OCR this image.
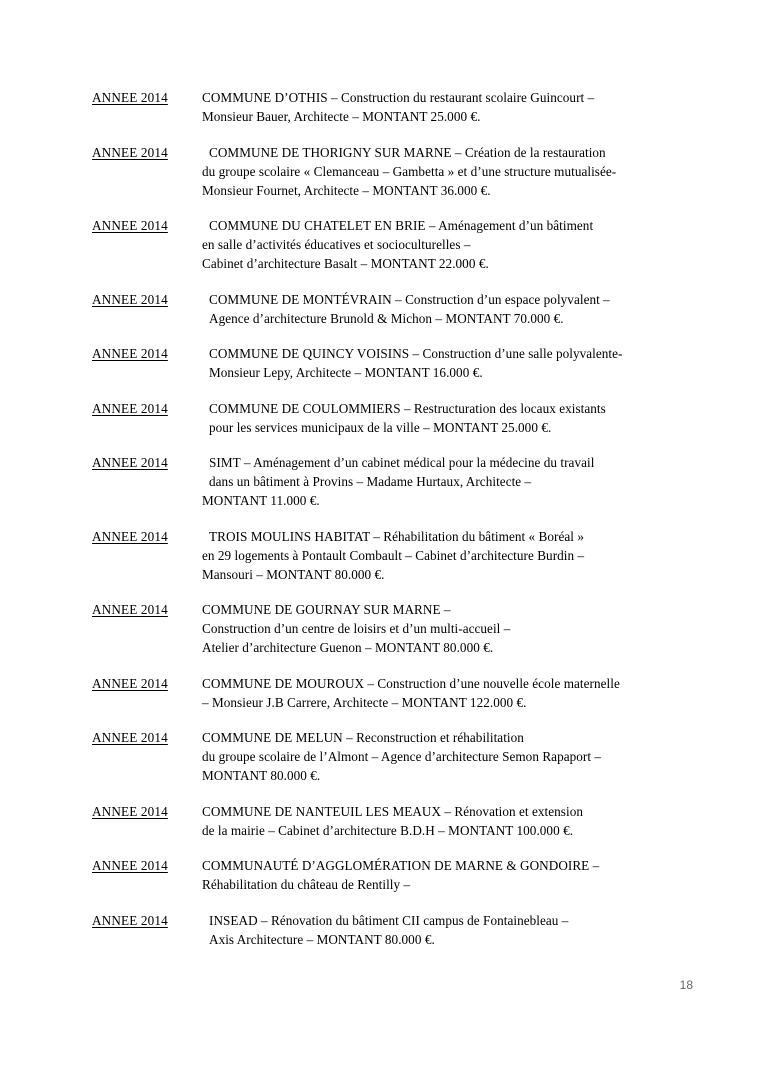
ANNEE 2014	COMMUNE D’OTHIS – Construction du restaurant scolaire Guincourt –
Monsieur Bauer, Architecte – MONTANT 25.000 €.
ANNEE 2014	COMMUNE DE THORIGNY SUR MARNE – Création de la restauration
du groupe scolaire « Clemanceau – Gambetta » et d’une structure mutualisée-
Monsieur Fournet, Architecte – MONTANT 36.000 €.
ANNEE 2014	COMMUNE DU CHATELET EN BRIE – Aménagement d’un bâtiment
en salle d’activités éducatives et socioculturelles –
Cabinet d’architecture Basalt – MONTANT 22.000 €.
ANNEE 2014	COMMUNE DE MONTÉVRAIN – Construction d’un espace polyvalent –
Agence d’architecture Brunold & Michon – MONTANT 70.000 €.
ANNEE 2014	COMMUNE DE QUINCY VOISINS – Construction d’une salle polyvalente-
Monsieur Lepy, Architecte – MONTANT 16.000 €.
ANNEE 2014	COMMUNE DE COULOMMIERS – Restructuration des locaux existants
pour les services municipaux de la ville – MONTANT 25.000 €.
ANNEE 2014	SIMT – Aménagement d’un cabinet médical pour la médecine du travail
dans un bâtiment à Provins – Madame Hurtaux, Architecte –
MONTANT 11.000 €.
ANNEE 2014	TROIS MOULINS HABITAT – Réhabilitation du bâtiment « Boréal »
en 29 logements à Pontault Combault – Cabinet d’architecture Burdin –
Mansouri – MONTANT 80.000 €.
ANNEE 2014	COMMUNE DE GOURNAY SUR MARNE –
Construction d’un centre de loisirs et d’un multi-accueil –
Atelier d’architecture Guenon – MONTANT 80.000 €.
ANNEE 2014	COMMUNE DE MOUROUX – Construction d’une nouvelle école maternelle
– Monsieur J.B Carrere, Architecte – MONTANT 122.000 €.
ANNEE 2014	COMMUNE DE MELUN – Reconstruction et réhabilitation
du groupe scolaire de l’Almont – Agence d’architecture Semon Rapaport –
MONTANT 80.000 €.
ANNEE 2014	COMMUNE DE NANTEUIL LES MEAUX – Rénovation et extension
de la mairie – Cabinet d’architecture B.D.H – MONTANT 100.000 €.
ANNEE 2014	COMMUNAUTÉ D’AGGLOMÉRATION DE MARNE & GONDOIRE –
Réhabilitation du château de Rentilly –
ANNEE 2014	INSEAD – Rénovation du bâtiment CII campus de Fontainebleau –
Axis Architecture – MONTANT 80.000 €.
18
